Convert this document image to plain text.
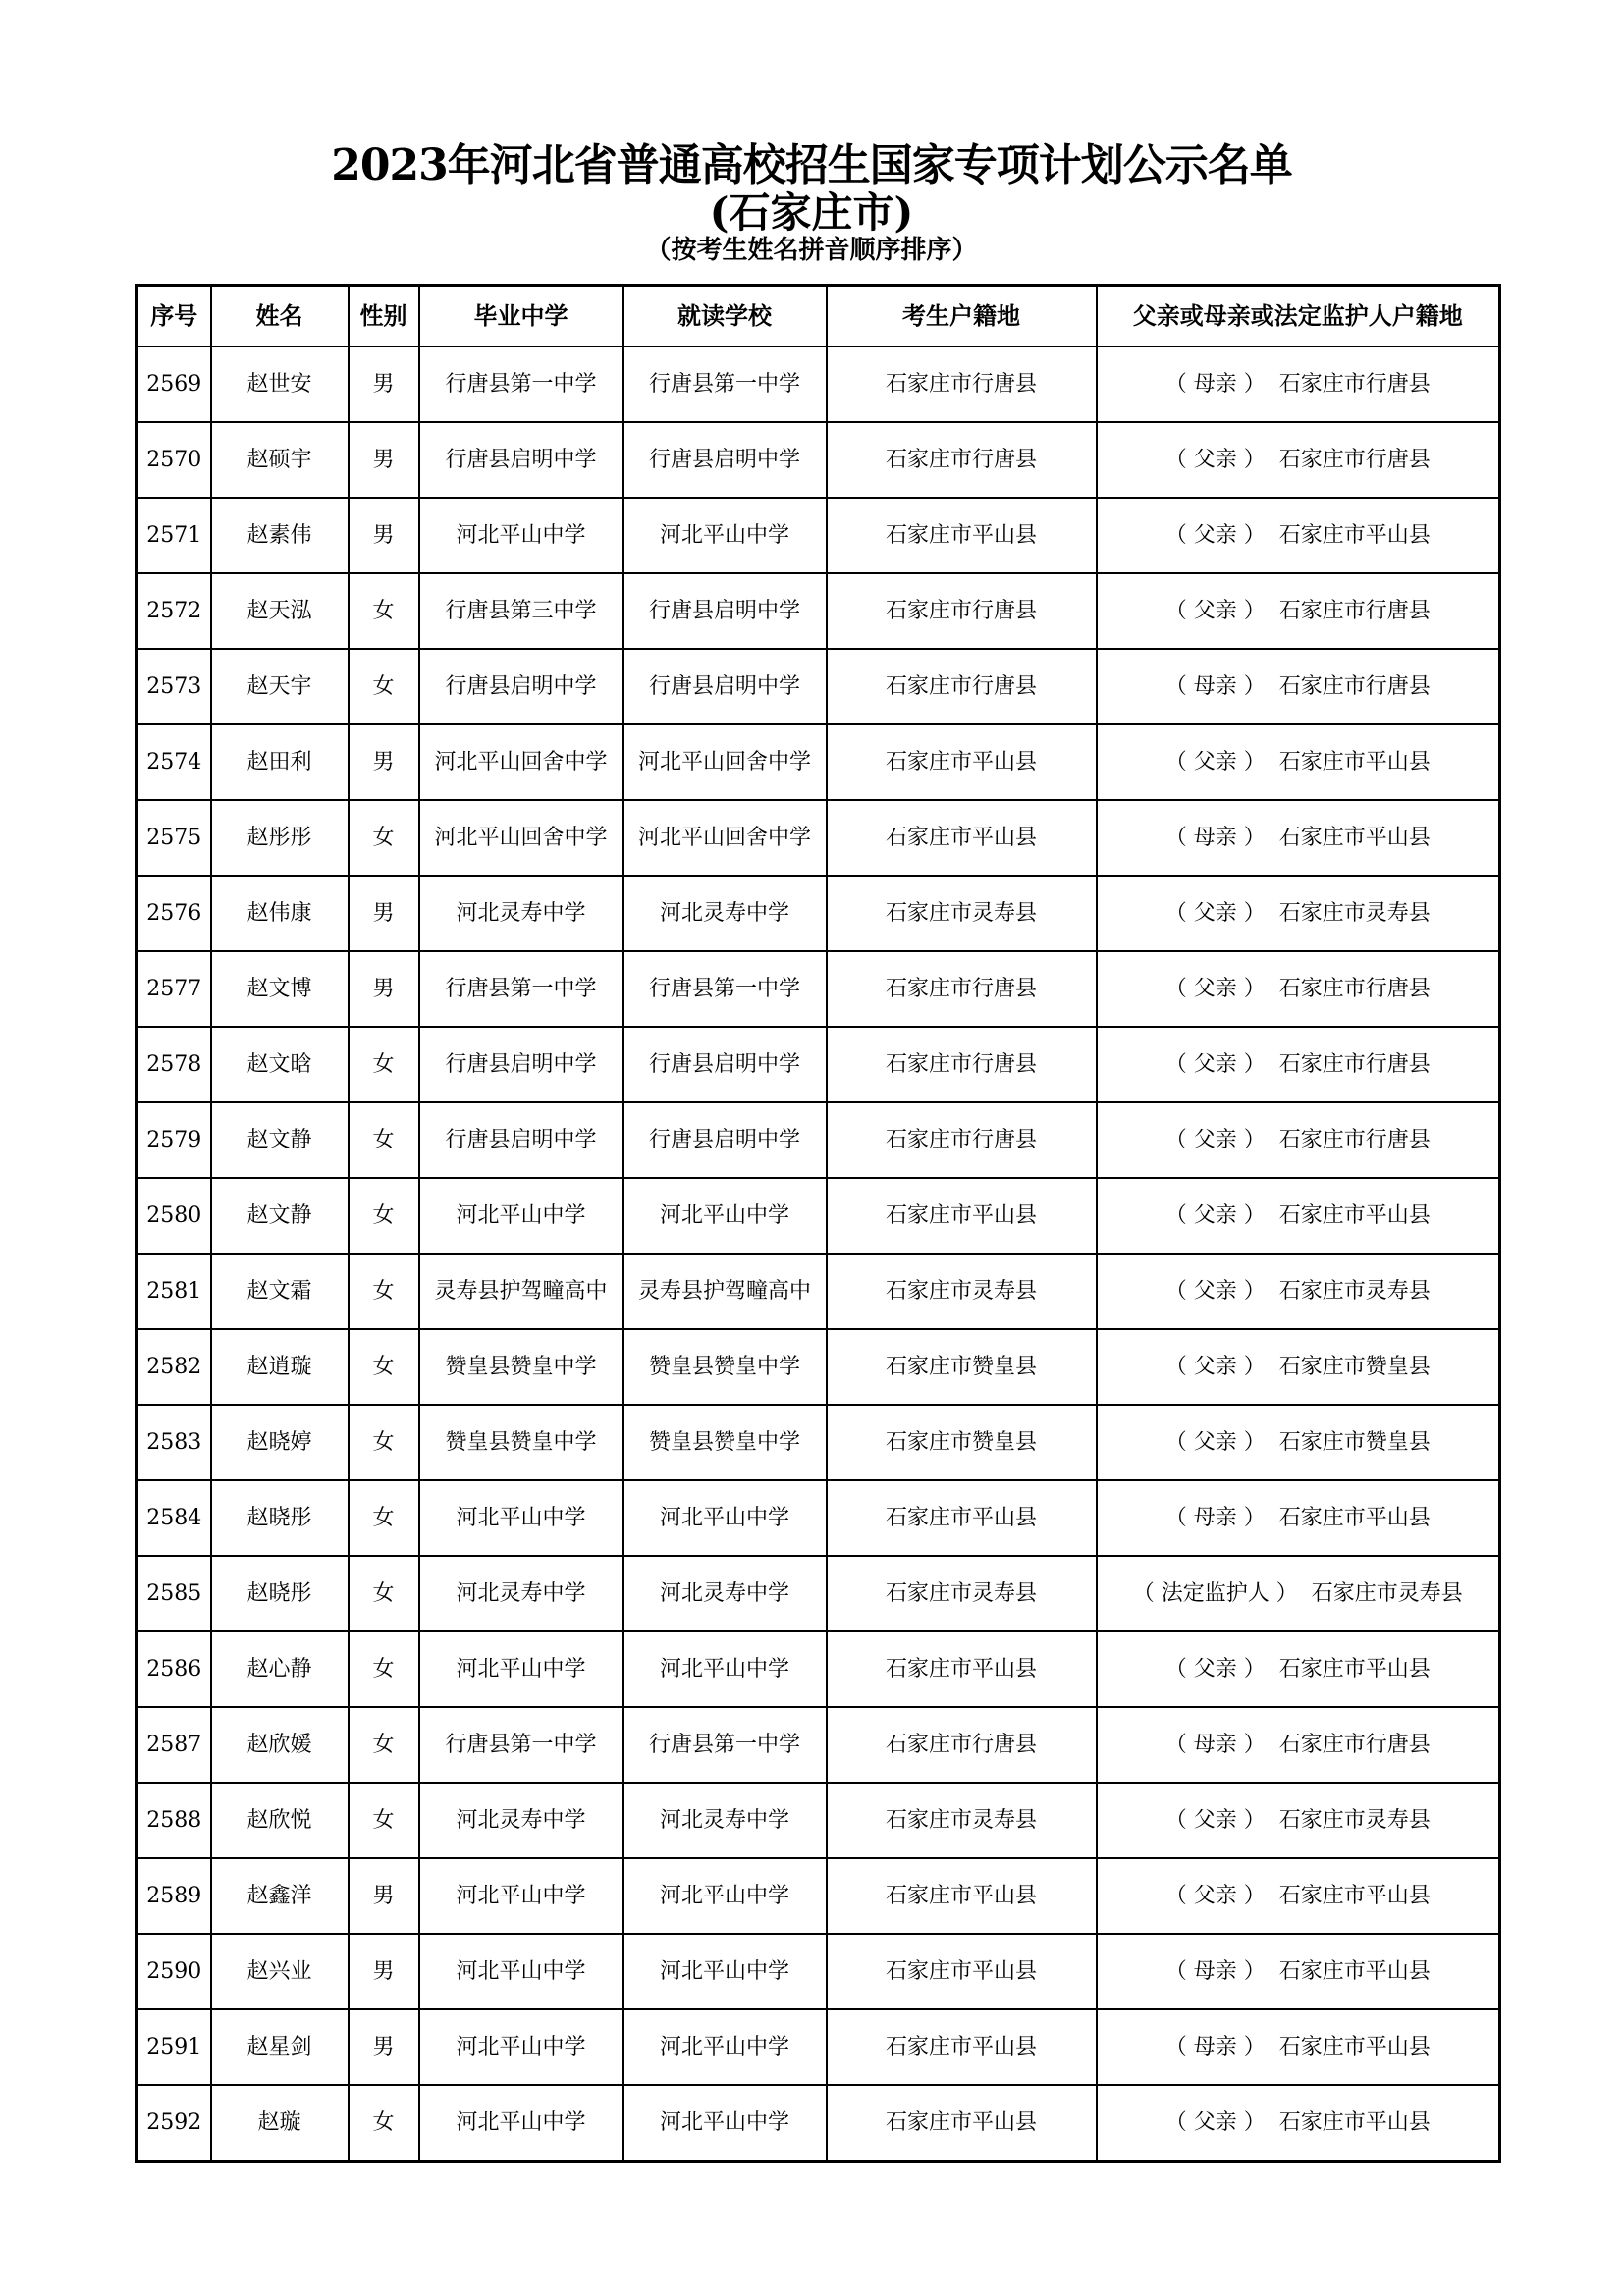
2023年河北省普通高校招生国家专项计划公示名单
(石家庄市)
（按考生姓名拼音顺序排序）
序号	姓名	性别	毕业中学	就读学校	考生户籍地	父亲或母亲或法定监护人户籍地
2569	赵世安	男	行唐县第一中学	行唐县第一中学	石家庄市行唐县	（ 母亲 ） 石家庄市行唐县
2570	赵硕宇	男	行唐县启明中学	行唐县启明中学	石家庄市行唐县	（ 父亲 ） 石家庄市行唐县
2571	赵素伟	男	河北平山中学	河北平山中学	石家庄市平山县	（ 父亲 ） 石家庄市平山县
2572	赵天泓	女	行唐县第三中学	行唐县启明中学	石家庄市行唐县	（ 父亲 ） 石家庄市行唐县
2573	赵天宇	女	行唐县启明中学	行唐县启明中学	石家庄市行唐县	（ 母亲 ） 石家庄市行唐县
2574	赵田利	男	河北平山回舍中学	河北平山回舍中学	石家庄市平山县	（ 父亲 ） 石家庄市平山县
2575	赵彤彤	女	河北平山回舍中学	河北平山回舍中学	石家庄市平山县	（ 母亲 ） 石家庄市平山县
2576	赵伟康	男	河北灵寿中学	河北灵寿中学	石家庄市灵寿县	（ 父亲 ） 石家庄市灵寿县
2577	赵文博	男	行唐县第一中学	行唐县第一中学	石家庄市行唐县	（ 父亲 ） 石家庄市行唐县
2578	赵文晗	女	行唐县启明中学	行唐县启明中学	石家庄市行唐县	（ 父亲 ） 石家庄市行唐县
2579	赵文静	女	行唐县启明中学	行唐县启明中学	石家庄市行唐县	（ 父亲 ） 石家庄市行唐县
2580	赵文静	女	河北平山中学	河北平山中学	石家庄市平山县	（ 父亲 ） 石家庄市平山县
2581	赵文霜	女	灵寿县护驾疃高中	灵寿县护驾疃高中	石家庄市灵寿县	（ 父亲 ） 石家庄市灵寿县
2582	赵逍璇	女	赞皇县赞皇中学	赞皇县赞皇中学	石家庄市赞皇县	（ 父亲 ） 石家庄市赞皇县
2583	赵晓婷	女	赞皇县赞皇中学	赞皇县赞皇中学	石家庄市赞皇县	（ 父亲 ） 石家庄市赞皇县
2584	赵晓彤	女	河北平山中学	河北平山中学	石家庄市平山县	（ 母亲 ） 石家庄市平山县
2585	赵晓彤	女	河北灵寿中学	河北灵寿中学	石家庄市灵寿县	（ 法定监护人 ） 石家庄市灵寿县
2586	赵心静	女	河北平山中学	河北平山中学	石家庄市平山县	（ 父亲 ） 石家庄市平山县
2587	赵欣媛	女	行唐县第一中学	行唐县第一中学	石家庄市行唐县	（ 母亲 ） 石家庄市行唐县
2588	赵欣悦	女	河北灵寿中学	河北灵寿中学	石家庄市灵寿县	（ 父亲 ） 石家庄市灵寿县
2589	赵鑫洋	男	河北平山中学	河北平山中学	石家庄市平山县	（ 父亲 ） 石家庄市平山县
2590	赵兴业	男	河北平山中学	河北平山中学	石家庄市平山县	（ 母亲 ） 石家庄市平山县
2591	赵星剑	男	河北平山中学	河北平山中学	石家庄市平山县	（ 母亲 ） 石家庄市平山县
2592	赵璇	女	河北平山中学	河北平山中学	石家庄市平山县	（ 父亲 ） 石家庄市平山县
